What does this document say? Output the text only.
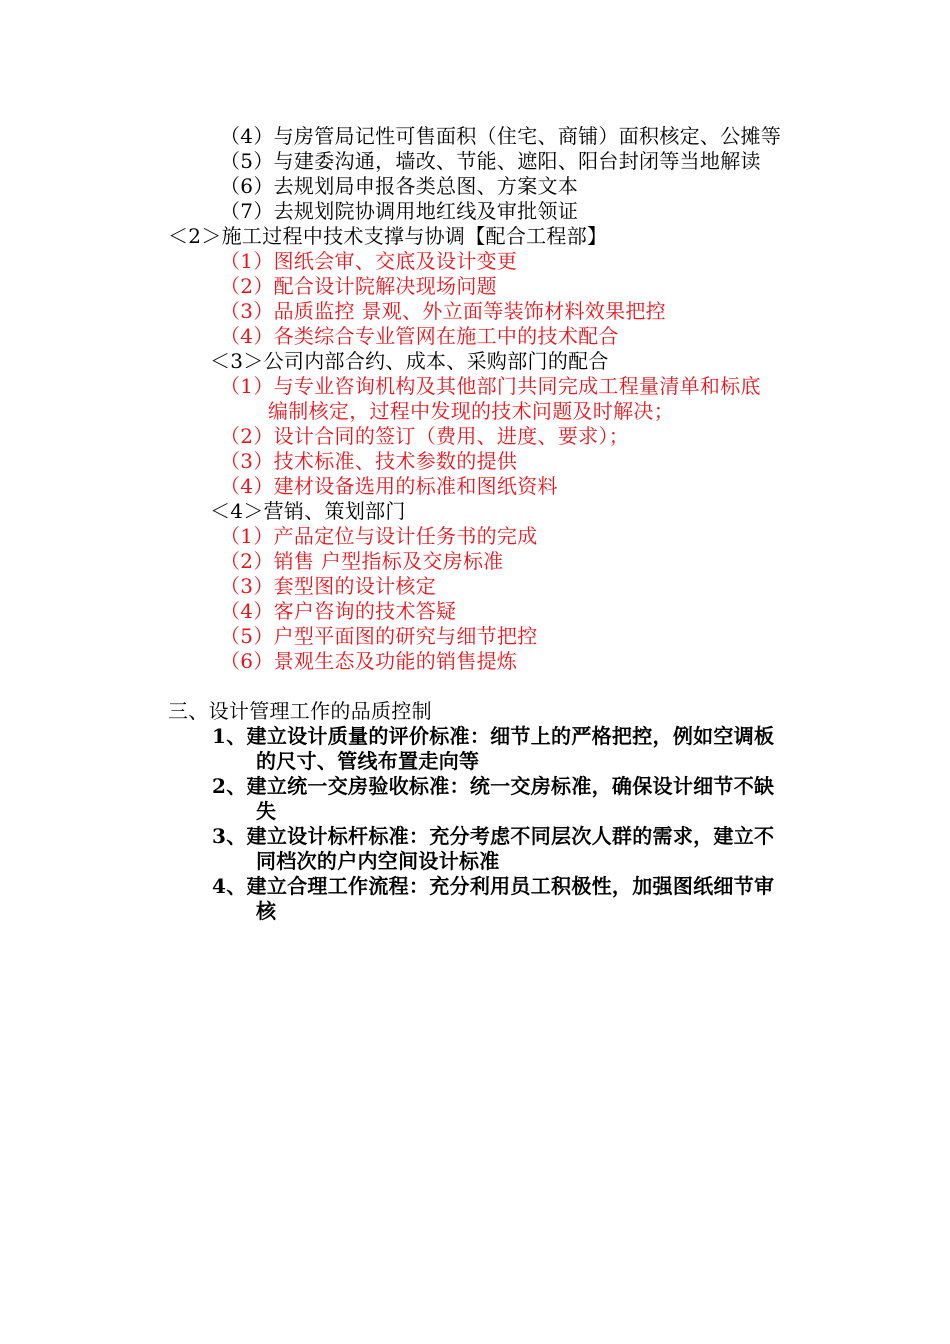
（4）与房管局记性可售面积（住宅、商铺）面积核定、公摊等
（5）与建委沟通，墙改、节能、遮阳、阳台封闭等当地解读
（6）去规划局申报各类总图、方案文本
（7）去规划院协调用地红线及审批领证
＜2＞施工过程中技术支撑与协调【配合工程部】
（1）图纸会审、交底及设计变更
（2）配合设计院解决现场问题
（3）品质监控 景观、外立面等装饰材料效果把控
（4）各类综合专业管网在施工中的技术配合
＜3＞公司内部合约、成本、采购部门的配合
（1）与专业咨询机构及其他部门共同完成工程量清单和标底
编制核定，过程中发现的技术问题及时解决；
（2）设计合同的签订（费用、进度、要求）；
（3）技术标准、技术参数的提供
（4）建材设备选用的标准和图纸资料
＜4＞营销、策划部门
（1）产品定位与设计任务书的完成
（2）销售 户型指标及交房标准
（3）套型图的设计核定
（4）客户咨询的技术答疑
（5）户型平面图的研究与细节把控
（6）景观生态及功能的销售提炼
三、设计管理工作的品质控制
1、建立设计质量的评价标准：细节上的严格把控，例如空调板
的尺寸、管线布置走向等
2、建立统一交房验收标准：统一交房标准，确保设计细节不缺
失
3、建立设计标杆标准：充分考虑不同层次人群的需求，建立不
同档次的户内空间设计标准
4、建立合理工作流程：充分利用员工积极性，加强图纸细节审
核
